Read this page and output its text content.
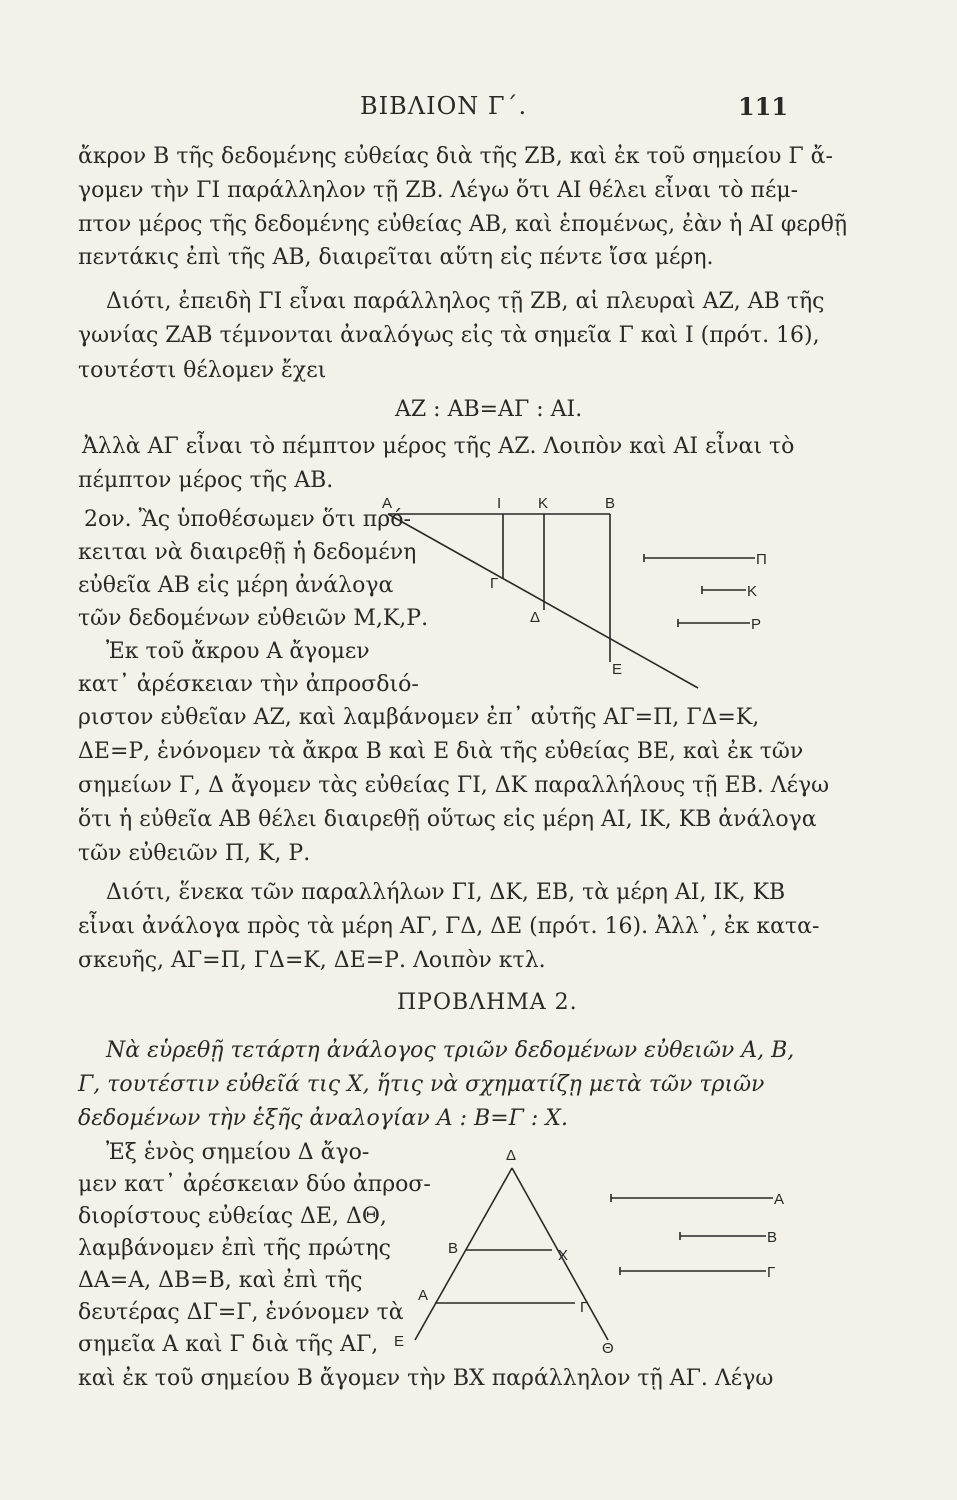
ΒΙΒΛΙΟΝ Γ΄.	111
ἄκρον Β τῆς δεδομένης εὐθείας διὰ τῆς ΖΒ, καὶ ἐκ τοῦ σημείου Γ ἄ-
γομεν τὴν ΓΙ παράλληλον τῇ ΖΒ. Λέγω ὅτι ΑΙ θέλει εἶναι τὸ πέμ-
πτον μέρος τῆς δεδομένης εὐθείας ΑΒ, καὶ ἑπομένως, ἐὰν ἡ ΑΙ φερθῇ
πεντάκις ἐπὶ τῆς ΑΒ, διαιρεῖται αὕτη εἰς πέντε ἴσα μέρη.
Διότι, ἐπειδὴ ΓΙ εἶναι παράλληλος τῇ ΖΒ, αἱ πλευραὶ ΑΖ, ΑΒ τῆς
γωνίας ΖΑΒ τέμνονται ἀναλόγως εἰς τὰ σημεῖα Γ καὶ Ι (πρότ. 16),
τουτέστι θέλομεν ἔχει
ΑΖ : ΑΒ=ΑΓ : ΑΙ.
Ἀλλὰ ΑΓ εἶναι τὸ πέμπτον μέρος τῆς ΑΖ. Λοιπὸν καὶ ΑΙ εἶναι τὸ
πέμπτον μέρος τῆς ΑΒ.
2ον. Ἂς ὑποθέσωμεν ὅτι πρό-
κειται νὰ διαιρεθῇ ἡ δεδομένη
εὐθεῖα ΑΒ εἰς μέρη ἀνάλογα
τῶν δεδομένων εὐθειῶν Μ,Κ,Ρ.
Ἐκ τοῦ ἄκρου Α ἄγομεν
κατ᾽ ἀρέσκειαν τὴν ἀπροσδιό-
Α	Ι Κ	Β
Γ
Δ
Ε
Π
Κ
Ρ
ριστον εὐθεῖαν ΑΖ, καὶ λαμβάνομεν ἐπ᾽ αὐτῆς ΑΓ=Π, ΓΔ=Κ,
ΔΕ=Ρ, ἑνόνομεν τὰ ἄκρα Β καὶ Ε διὰ τῆς εὐθείας ΒΕ, καὶ ἐκ τῶν
σημείων Γ, Δ ἄγομεν τὰς εὐθείας ΓΙ, ΔΚ παραλλήλους τῇ ΕΒ. Λέγω
ὅτι ἡ εὐθεῖα ΑΒ θέλει διαιρεθῇ οὕτως εἰς μέρη ΑΙ, ΙΚ, ΚΒ ἀνάλογα
τῶν εὐθειῶν Π, Κ, Ρ.
Διότι, ἕνεκα τῶν παραλλήλων ΓΙ, ΔΚ, ΕΒ, τὰ μέρη ΑΙ, ΙΚ, ΚΒ
εἶναι ἀνάλογα πρὸς τὰ μέρη ΑΓ, ΓΔ, ΔΕ (πρότ. 16). Ἀλλ᾽, ἐκ κατα-
σκευῆς, ΑΓ=Π, ΓΔ=Κ, ΔΕ=Ρ. Λοιπὸν κτλ.
ΠΡΟΒΛΗΜΑ 2.
Νὰ εὑρεθῇ τετάρτη ἀνάλογος τριῶν δεδομένων εὐθειῶν Α, Β,
Γ, τουτέστιν εὐθεῖά τις Χ, ἥτις νὰ σχηματίζῃ μετὰ τῶν τριῶν
δεδομένων τὴν ἑξῆς ἀναλογίαν Α : Β=Γ : Χ.
Ἐξ ἑνὸς σημείου Δ ἄγο-
μεν κατ᾽ ἀρέσκειαν δύο ἀπροσ-
διορίστους εὐθείας ΔΕ, ΔΘ,
λαμβάνομεν ἐπὶ τῆς πρώτης
ΔΑ=Α, ΔΒ=Β, καὶ ἐπὶ τῆς
δευτέρας ΔΓ=Γ, ἑνόνομεν τὰ
σημεῖα Α καὶ Γ διὰ τῆς ΑΓ,
Δ
Β	Χ
Α
Γ
Ε	Θ
Α
Β
Γ
καὶ ἐκ τοῦ σημείου Β ἄγομεν τὴν ΒΧ παράλληλον τῇ ΑΓ. Λέγω
